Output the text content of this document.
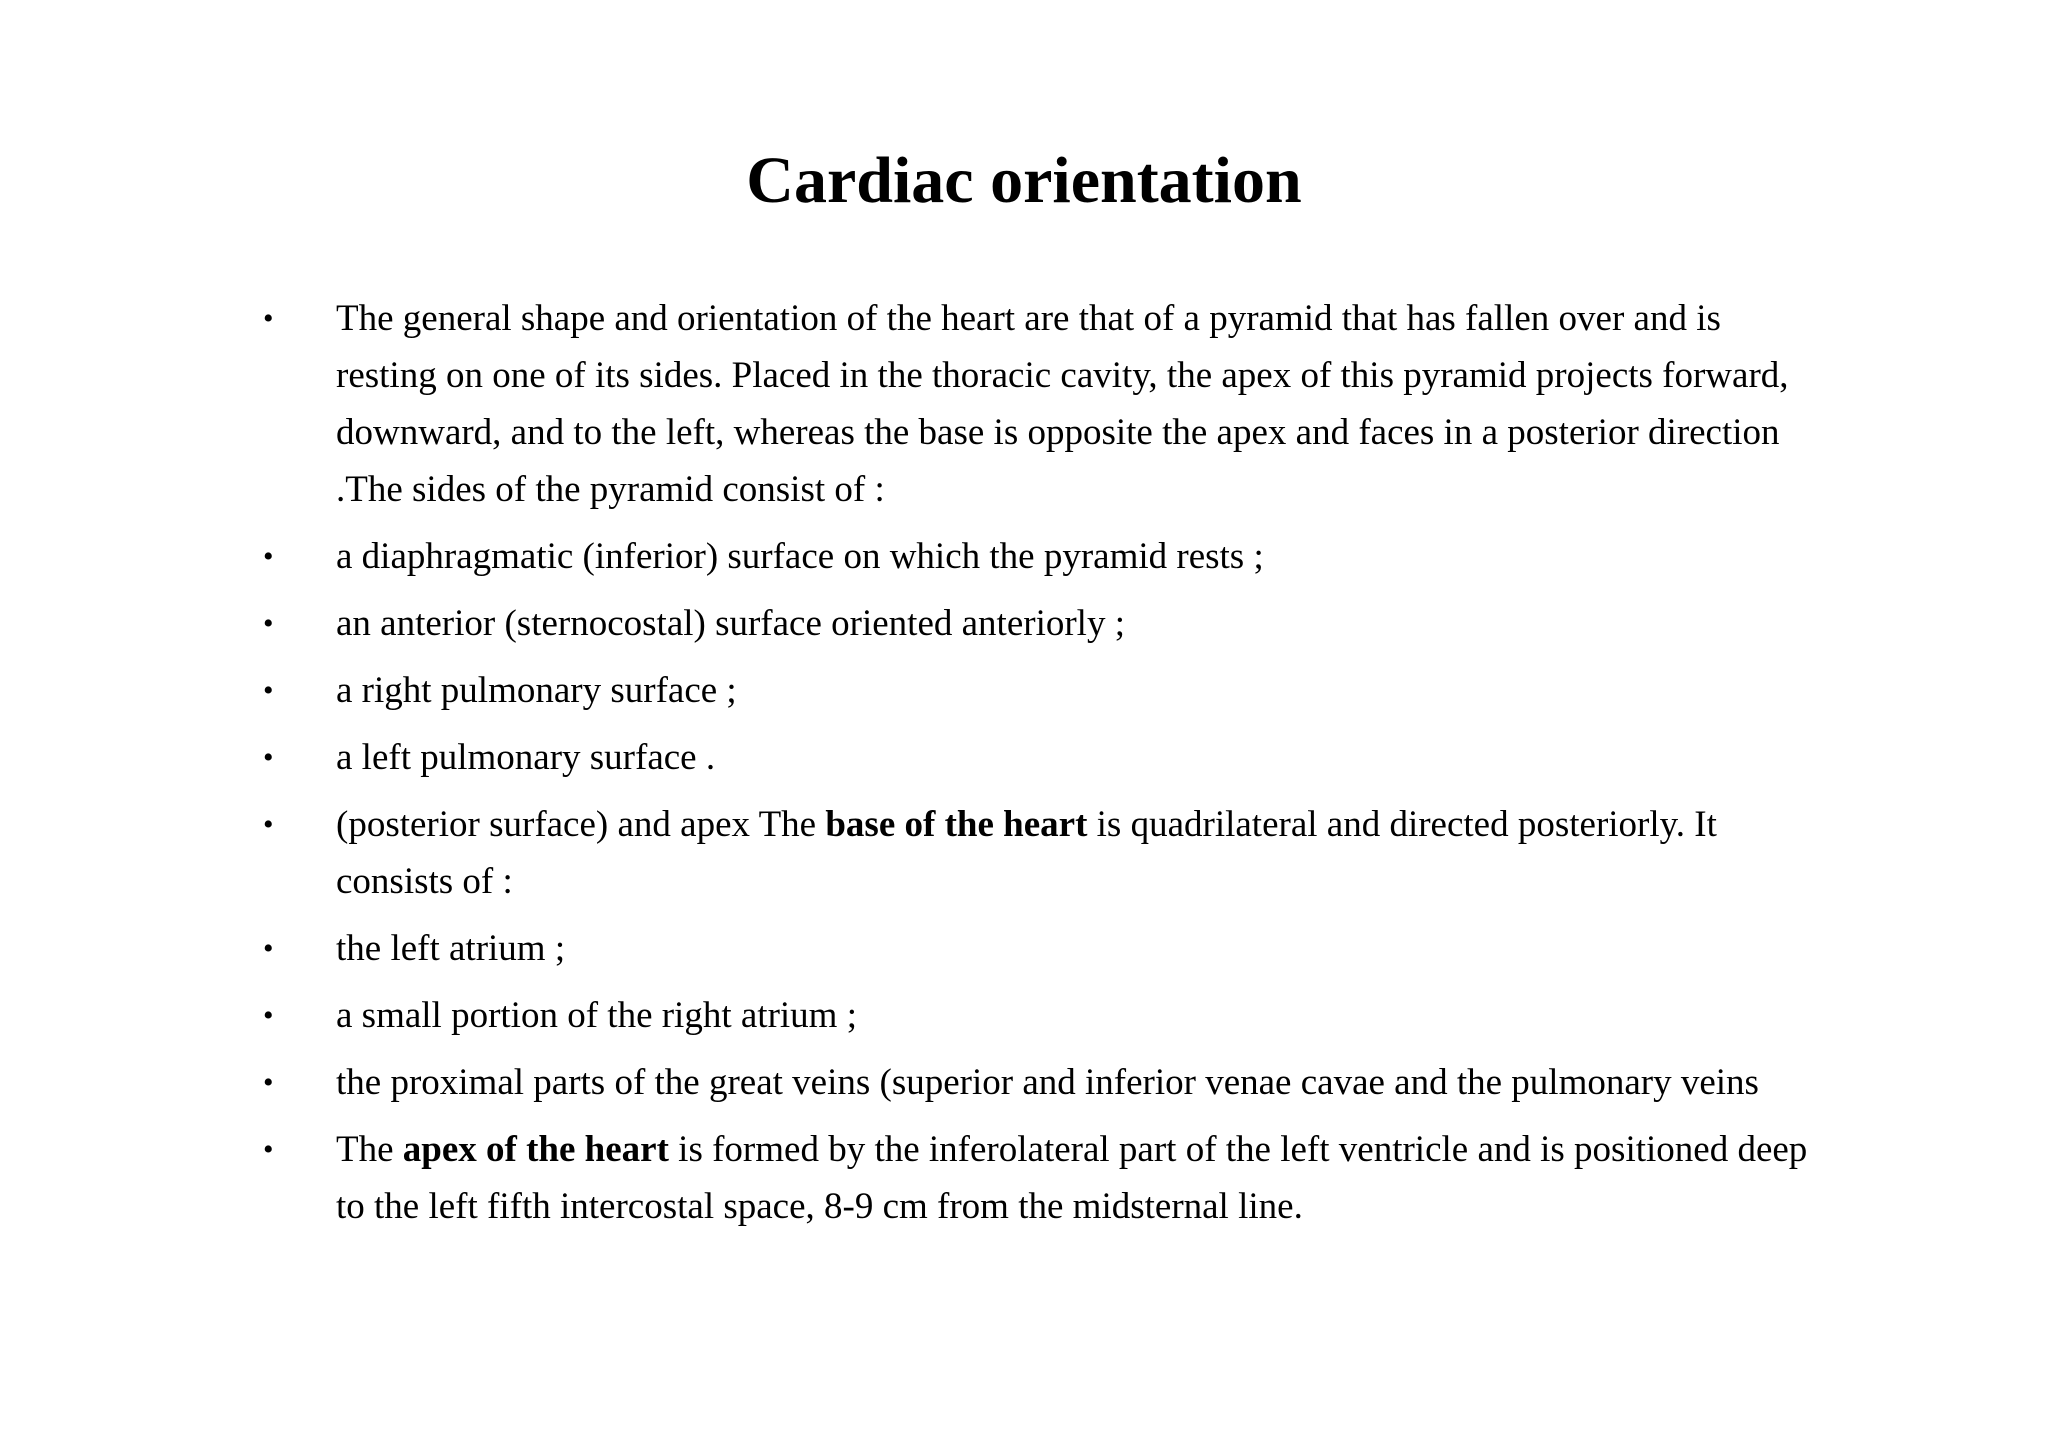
Cardiac orientation
•	The general shape and orientation of the heart are that of a pyramid that has fallen over and is resting on one of its sides. Placed in the thoracic cavity, the apex of this pyramid projects forward, downward, and to the left, whereas the base is opposite the apex and faces in a posterior direction .The sides of the pyramid consist of :
•	a diaphragmatic (inferior) surface on which the pyramid rests ;
•	an anterior (sternocostal) surface oriented anteriorly ;
•	a right pulmonary surface ;
•	a left pulmonary surface .
•	(posterior surface) and apex The base of the heart is quadrilateral and directed posteriorly. It consists of :
•	the left atrium ;
•	a small portion of the right atrium ;
•	the proximal parts of the great veins (superior and inferior venae cavae and the pulmonary veins
•	The apex of the heart is formed by the inferolateral part of the left ventricle and is positioned deep to the left fifth intercostal space, 8-9 cm from the midsternal line.
